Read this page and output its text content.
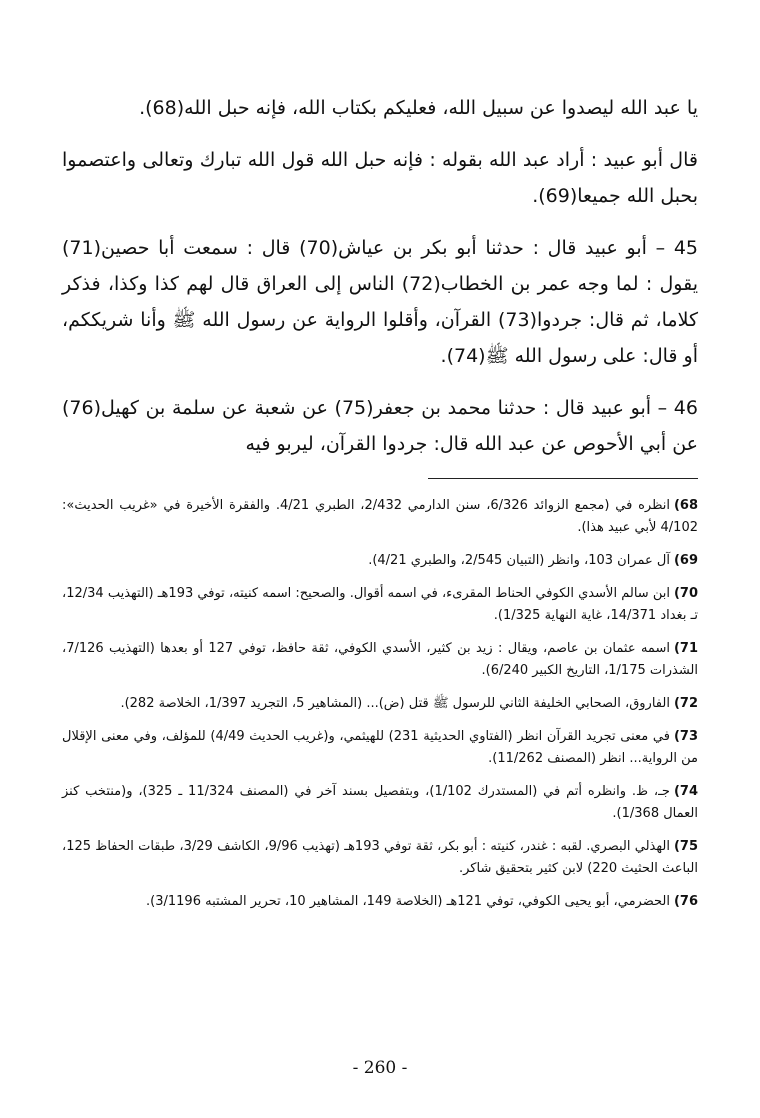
يا عبد الله ليصدوا عن سبيل الله، فعليكم بكتاب الله، فإنه حبل الله(68).

قال أبو عبيد : أراد عبد الله بقوله : فإنه حبل الله قول الله تبارك وتعالى واعتصموا بحبل الله جميعا(69).

45 – أبو عبيد قال : حدثنا أبو بكر بن عياش(70) قال : سمعت أبا حصين(71) يقول : لما وجه عمر بن الخطاب(72) الناس إلى العراق قال لهم كذا وكذا، فذكر كلاما، ثم قال: جردوا(73) القرآن، وأقلوا الرواية عن رسول الله ﷺ وأنا شريككم، أو قال: على رسول الله ﷺ(74).

46 – أبو عبيد قال : حدثنا محمد بن جعفر(75) عن شعبة عن سلمة بن كهيل(76) عن أبي الأحوص عن عبد الله قال: جردوا القرآن، ليربو فيه

68)انظره في (مجمع الزوائد 6/326، سنن الدارمي 2/432، الطبري 4/21. والفقرة الأخيرة في «غريب الحديث»: 4/102 لأبي عبيد هذا).

69)آل عمران 103، وانظر (التبيان 2/545، والطبري 4/21).

70)ابن سالم الأسدي الكوفي الحناط المقرىء، في اسمه أقوال. والصحيح: اسمه كنيته، توفي 193هـ (التهذيب 12/34، تـ بغداد 14/371، غاية النهاية 1/325).

71)اسمه عثمان بن عاصم، ويقال : زيد بن كثير، الأسدي الكوفي، ثقة حافظ، توفي 127 أو بعدها (التهذيب 7/126، الشذرات 1/175، التاريخ الكبير 6/240).

72)الفاروق، الصحابي الخليفة الثاني للرسول ﷺ قتل (ض)... (المشاهير 5، التجريد 1/397، الخلاصة 282).

73)في معنى تجريد القرآن انظر (الفتاوي الحديثية 231) للهيثمي، و(غريب الحديث 4/49) للمؤلف، وفي معنى الإقلال من الرواية... انظر (المصنف 11/262).

74)جـ، ظ. وانظره أتم في (المستدرك 1/102)، وبتفصيل بسند آخر في (المصنف 11/324 ـ 325)، و(منتخب كنز العمال 1/368).

75)الهذلي البصري. لقبه : غندر، كنيته : أبو بكر، ثقة توفي 193هـ (تهذيب 9/96، الكاشف 3/29، طبقات الحفاظ 125، الباعث الحثيث 220) لابن كثير بتحقيق شاكر.

76)الحضرمي، أبو يحيى الكوفي، توفي 121هـ (الخلاصة 149، المشاهير 10، تحرير المشتبه 3/1196).

- 260 -
